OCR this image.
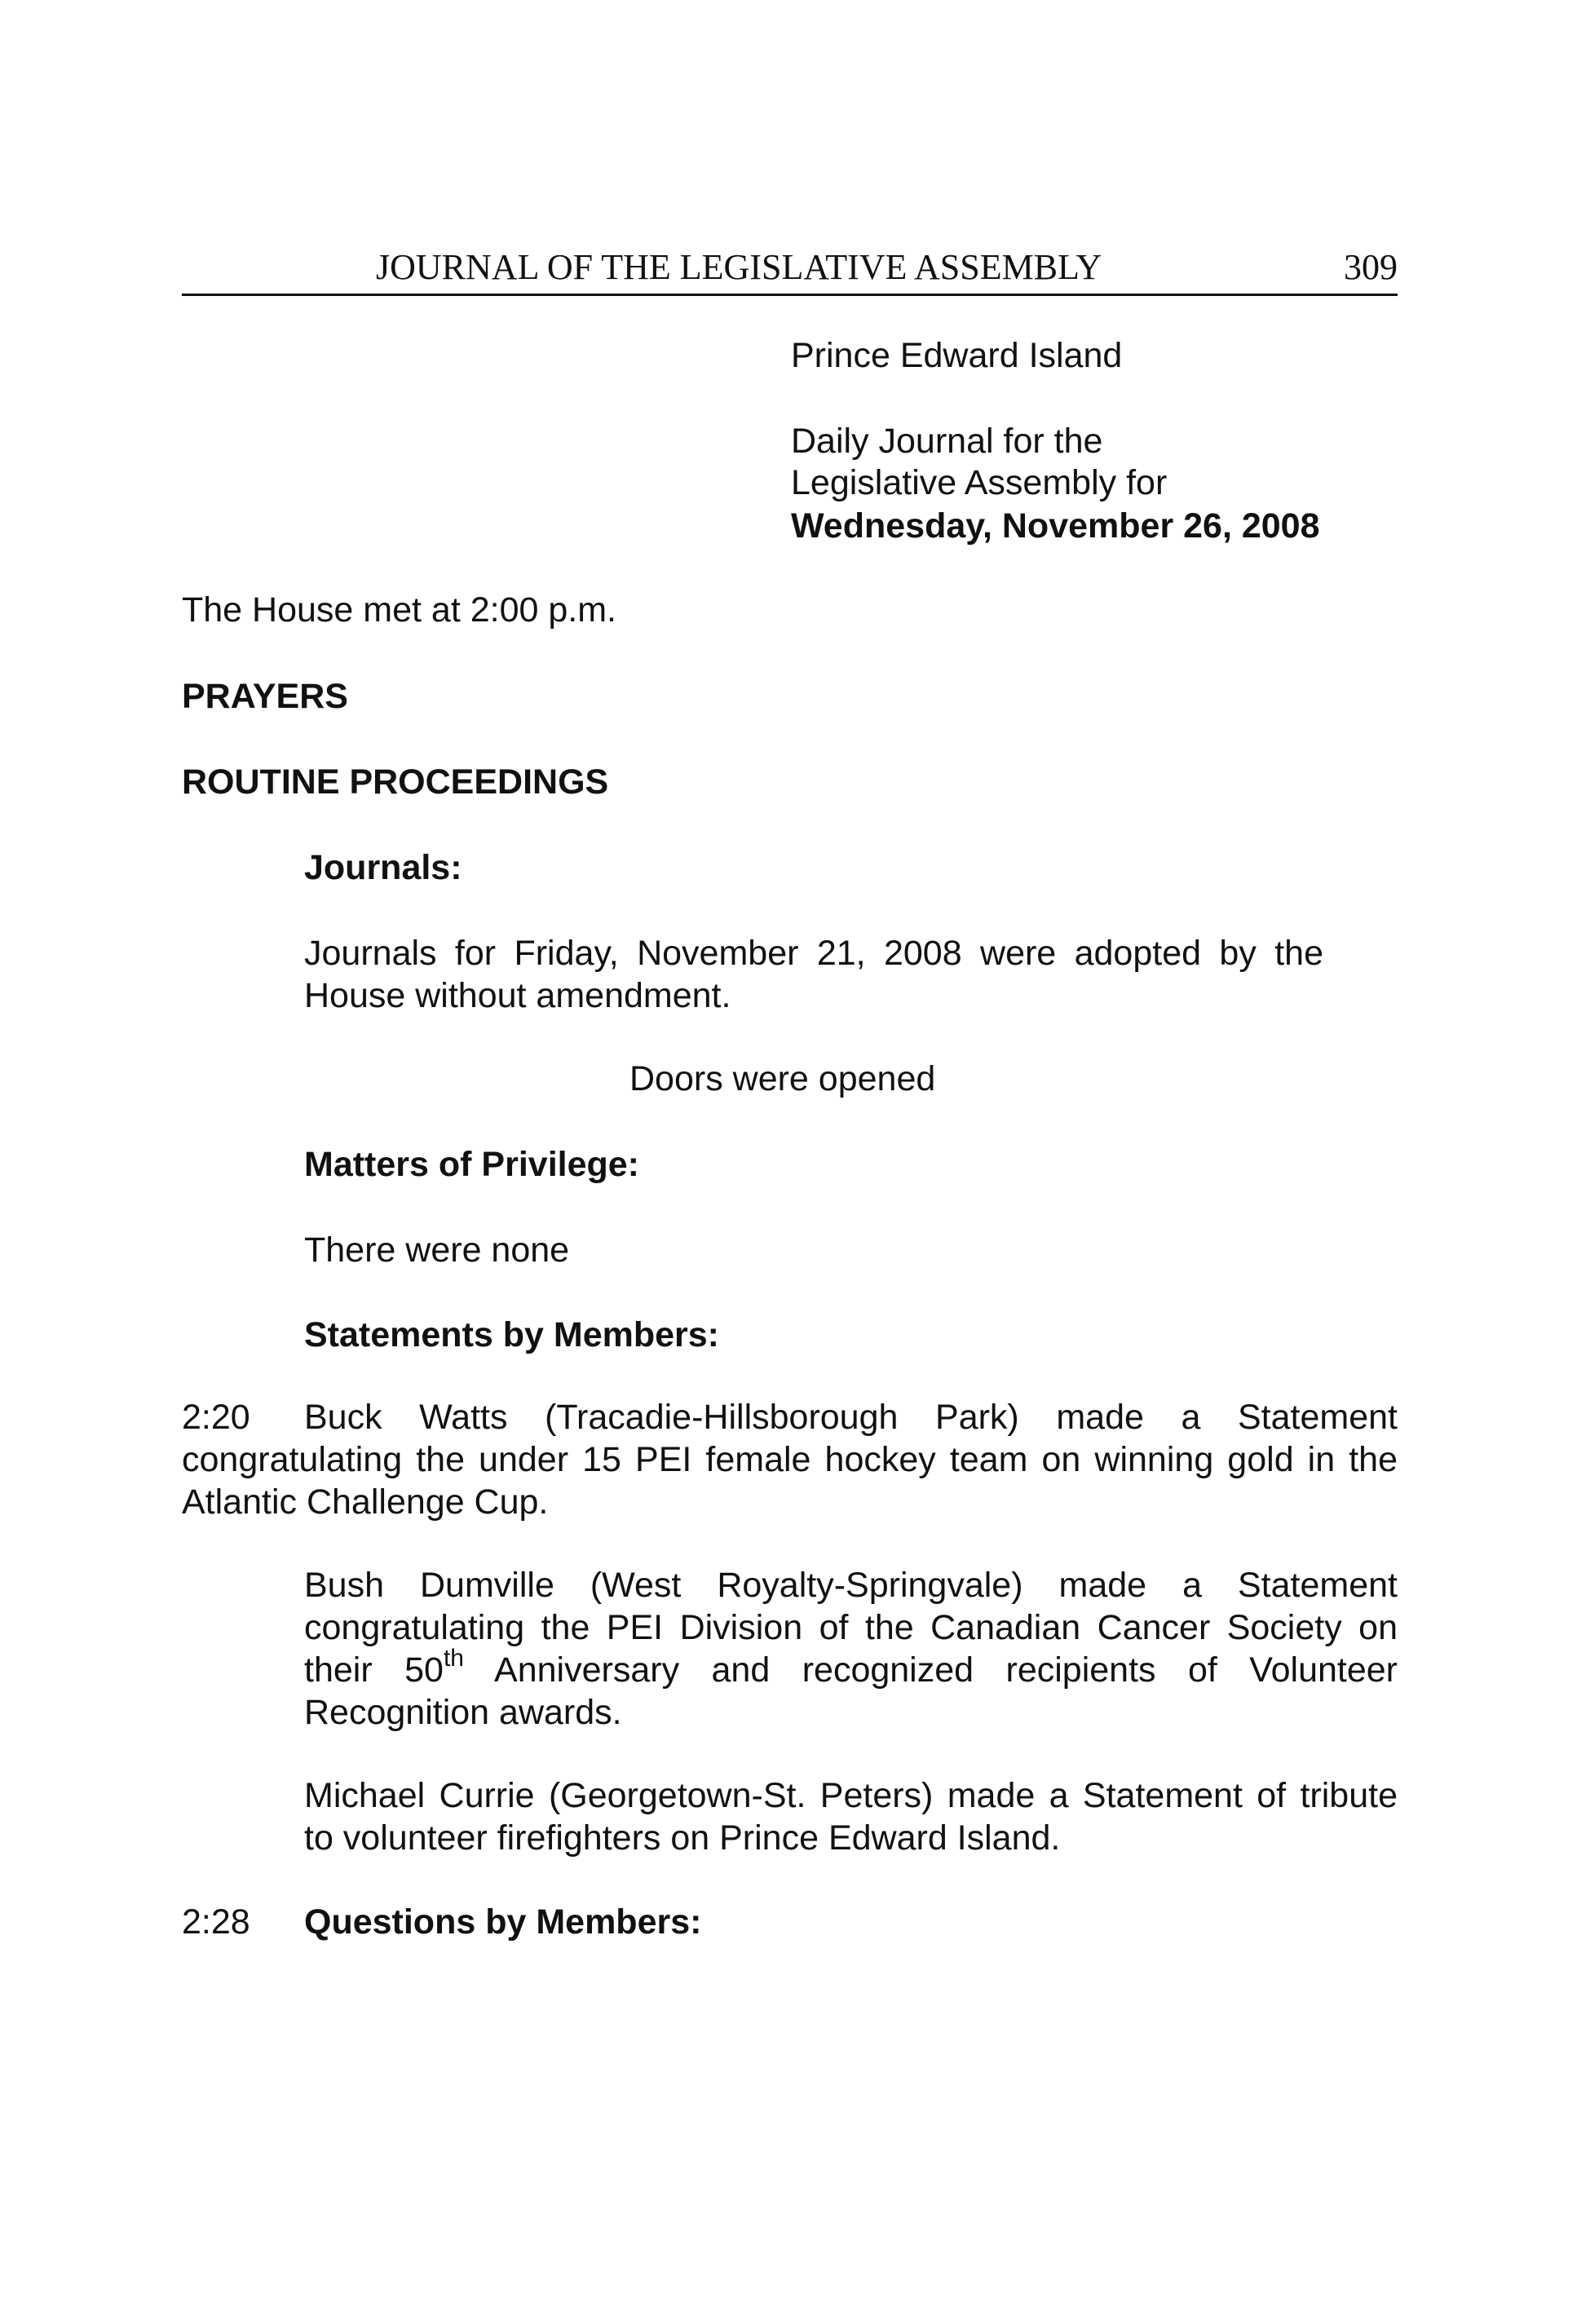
JOURNAL OF THE LEGISLATIVE ASSEMBLY	309
Prince Edward Island
Daily Journal for the
Legislative Assembly for
Wednesday, November 26, 2008
The House met at 2:00 p.m.
PRAYERS
ROUTINE PROCEEDINGS
Journals:
Journals for Friday, November 21, 2008 were adopted by the House without amendment.
Doors were opened
Matters of Privilege:
There were none
Statements by Members:
2:20 Buck Watts (Tracadie-Hillsborough Park) made a Statement
congratulating the under 15 PEI female hockey team on winning gold in the Atlantic Challenge Cup.
Bush Dumville (West Royalty-Springvale) made a Statement congratulating the PEI Division of the Canadian Cancer Society on their 50th Anniversary and recognized recipients of Volunteer Recognition awards.
Michael Currie (Georgetown-St. Peters) made a Statement of tribute to volunteer firefighters on Prince Edward Island.
2:28 Questions by Members:
